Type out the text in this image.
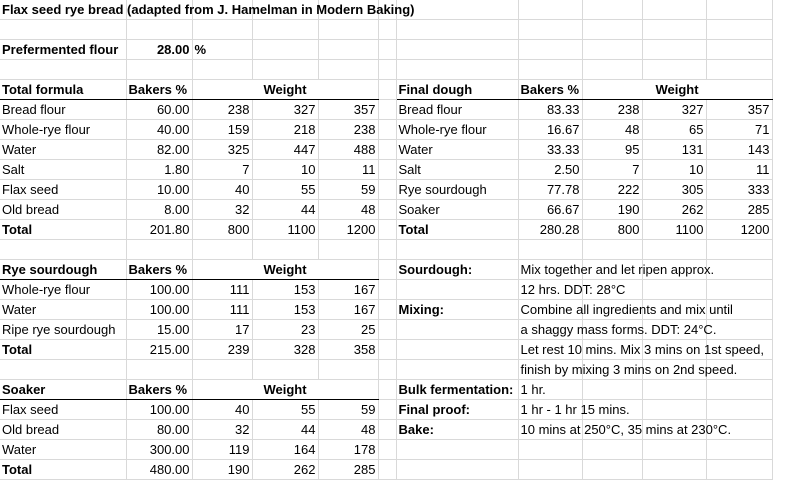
Flax seed rye bread (adapted from J. Hamelman in Modern Baking)										

Prefermented flour	28.00	%								

Total formula	Bakers %	Weight				Final dough	Bakers %	Weight		
Bread flour	60.00	238	327	357		Bread flour	83.33	238	327	357
Whole-rye flour	40.00	159	218	238		Whole-rye flour	16.67	48	65	71
Water	82.00	325	447	488		Water	33.33	95	131	143
Salt	1.80	7	10	11		Salt	2.50	7	10	11
Flax seed	10.00	40	55	59		Rye sourdough	77.78	222	305	333
Old bread	8.00	32	44	48		Soaker	66.67	190	262	285
Total	201.80	800	1100	1200		Total	280.28	800	1100	1200

Rye sourdough	Bakers %	Weight				Sourdough:	Mix together and let ripen approx.			

Whole-rye flour	100.00	111	153	167			12 hrs. DDT: 28°C			

Water	100.00	111	153	167		Mixing:	Combine all ingredients and mix until			

Ripe rye sourdough	15.00	17	23	25			a shaggy mass forms. DDT: 24°C.			

Total	215.00	239	328	358			Let rest 10 mins. Mix 3 mins on 1st speed,			

							finish by mixing 3 mins on 2nd speed.			

Soaker	Bakers %	Weight				Bulk fermentation:	1 hr.			

Flax seed	100.00	40	55	59		Final proof:	1 hr - 1 hr 15 mins.			

Old bread	80.00	32	44	48		Bake:	10 mins at 250°C, 35 mins at 230°C.			

Water	300.00	119	164	178						
Total	480.00	190	262	285						
